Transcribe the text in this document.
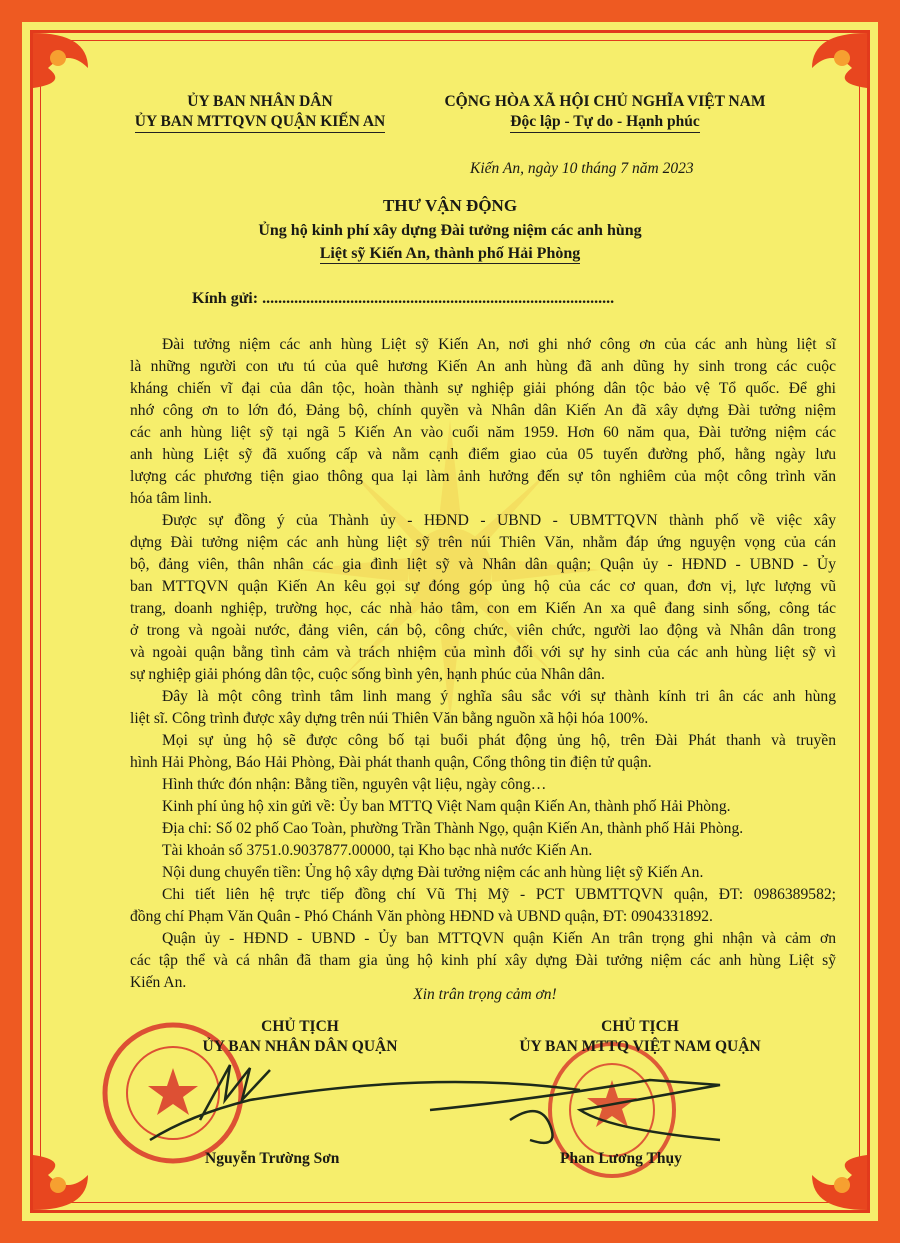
ỦY BAN NHÂN DÂN
ỦY BAN MTTQVN QUẬN KIẾN AN
CỘNG HÒA XÃ HỘI CHỦ NGHĨA VIỆT NAM
Độc lập - Tự do - Hạnh phúc
Kiến An, ngày 10 tháng 7 năm 2023
THƯ VẬN ĐỘNG
Ủng hộ kinh phí xây dựng Đài tưởng niệm các anh hùng
Liệt sỹ Kiến An, thành phố Hải Phòng
Kính gửi: ........................................................................................
Đài tưởng niệm các anh hùng Liệt sỹ Kiến An, nơi ghi nhớ công ơn của các anh hùng liệt sĩ
là những người con ưu tú của quê hương Kiến An anh hùng đã anh dũng hy sinh trong các cuộc
kháng chiến vĩ đại của dân tộc, hoàn thành sự nghiệp giải phóng dân tộc bảo vệ Tổ quốc. Để ghi
nhớ công ơn to lớn đó, Đảng bộ, chính quyền và Nhân dân Kiến An đã xây dựng Đài tưởng niệm
các anh hùng liệt sỹ tại ngã 5 Kiến An vào cuối năm 1959. Hơn 60 năm qua, Đài tưởng niệm các
anh hùng Liệt sỹ đã xuống cấp và nằm cạnh điểm giao của 05 tuyến đường phố, hằng ngày lưu
lượng các phương tiện giao thông qua lại làm ảnh hưởng đến sự tôn nghiêm của một công trình văn
hóa tâm linh.
Được sự đồng ý của Thành ủy - HĐND - UBND - UBMTTQVN thành phố về việc xây
dựng Đài tưởng niệm các anh hùng liệt sỹ trên núi Thiên Văn, nhằm đáp ứng nguyện vọng của cán
bộ, đảng viên, thân nhân các gia đình liệt sỹ và Nhân dân quận; Quận ủy - HĐND - UBND - Ủy
ban MTTQVN quận Kiến An kêu gọi sự đóng góp ủng hộ của các cơ quan, đơn vị, lực lượng vũ
trang, doanh nghiệp, trường học, các nhà hảo tâm, con em Kiến An xa quê đang sinh sống, công tác
ở trong và ngoài nước, đảng viên, cán bộ, công chức, viên chức, người lao động và Nhân dân trong
và ngoài quận bằng tình cảm và trách nhiệm của mình đối với sự hy sinh của các anh hùng liệt sỹ vì
sự nghiệp giải phóng dân tộc, cuộc sống bình yên, hạnh phúc của Nhân dân.
Đây là một công trình tâm linh mang ý nghĩa sâu sắc với sự thành kính tri ân các anh hùng
liệt sĩ. Công trình được xây dựng trên núi Thiên Văn bằng nguồn xã hội hóa 100%.
Mọi sự ủng hộ sẽ được công bố tại buổi phát động ủng hộ, trên Đài Phát thanh và truyền
hình Hải Phòng, Báo Hải Phòng, Đài phát thanh quận, Cổng thông tin điện tử quận.
Hình thức đón nhận: Bằng tiền, nguyên vật liệu, ngày công…
Kinh phí ủng hộ xin gửi về: Ủy ban MTTQ Việt Nam quận Kiến An, thành phố Hải Phòng.
Địa chỉ: Số 02 phố Cao Toàn, phường Trần Thành Ngọ, quận Kiến An, thành phố Hải Phòng.
Tài khoản số 3751.0.9037877.00000, tại Kho bạc nhà nước Kiến An.
Nội dung chuyển tiền: Ủng hộ xây dựng Đài tưởng niệm các anh hùng liệt sỹ Kiến An.
Chi tiết liên hệ trực tiếp đồng chí Vũ Thị Mỹ - PCT UBMTTQVN quận, ĐT: 0986389582;
đồng chí Phạm Văn Quân - Phó Chánh Văn phòng HĐND và UBND quận, ĐT: 0904331892.
Quận ủy - HĐND - UBND - Ủy ban MTTQVN quận Kiến An trân trọng ghi nhận và cảm ơn
các tập thể và cá nhân đã tham gia ủng hộ kinh phí xây dựng Đài tưởng niệm các anh hùng Liệt sỹ
Kiến An.
Xin trân trọng cảm ơn!
CHỦ TỊCH
ỦY BAN NHÂN DÂN QUẬN
CHỦ TỊCH
ỦY BAN MTTQ VIỆT NAM QUẬN
Nguyễn Trường Sơn	Phan Lương Thụy
